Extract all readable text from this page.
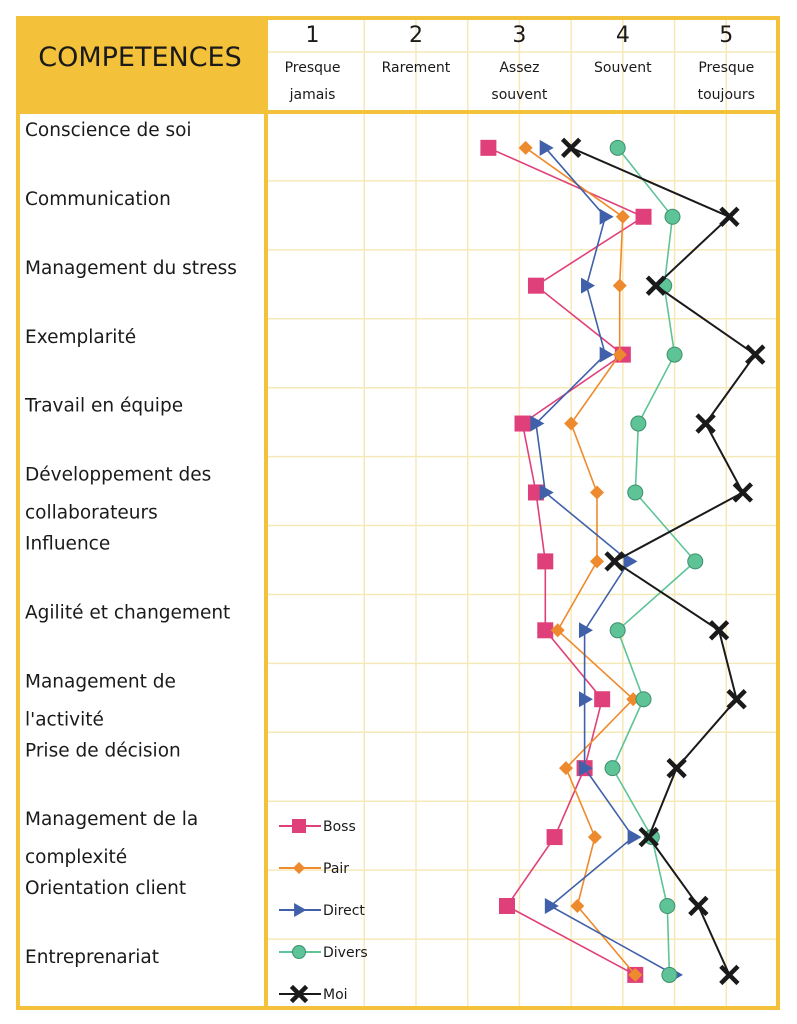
COMPETENCES
1
Presque
jamais
2
Rarement
3
Assez
souvent
4
Souvent
5
Presque
toujours
Conscience de soi
Communication
Management du stress
Exemplarité
Travail en équipe
Développement des
collaborateurs
Influence
Agilité et changement
Management de
l'activité
Prise de décision
Management de la
complexité
Orientation client
Entreprenariat
Boss
Pair
Direct
Divers
Moi
